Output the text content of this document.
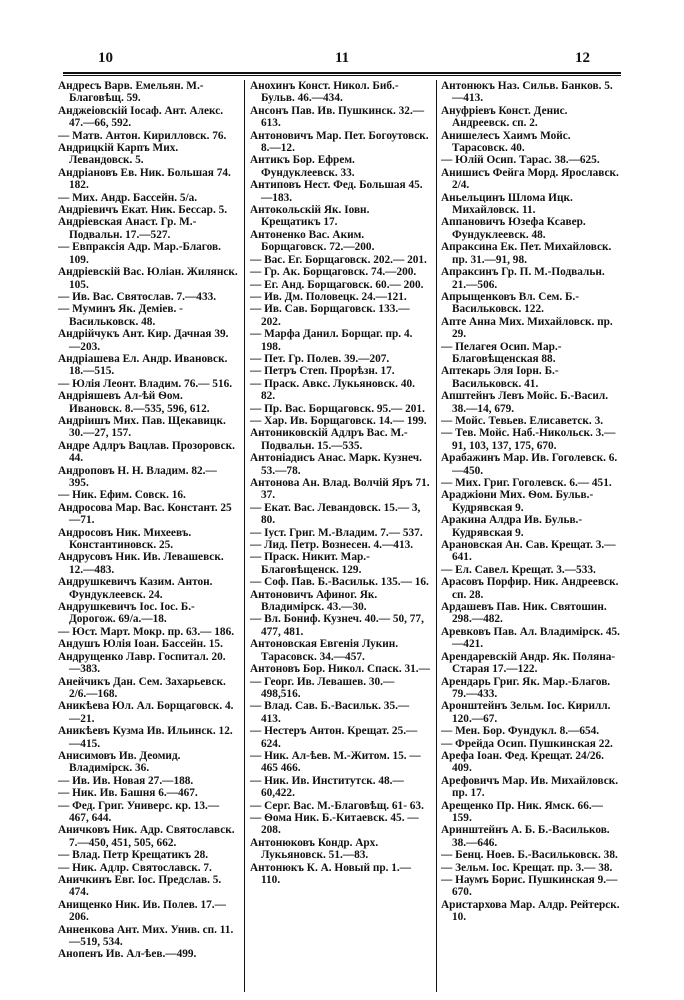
10	11	12

Андресъ Варв. Емельян. М.-Благовѣщ. 59.

Анджеіовскій Іосаф. Ант. Алекс. 47.—66, 592.

— Матв. Антон. Кирилловск. 76.

Андрицкій Карпъ Мих. Левандовск. 5.

Андріановъ Ев. Ник. Большая 74. 182.

— Мих. Андр. Бассейн. 5/а.

Андріевичъ Екат. Ник. Бессар. 5.

Андріевская Анаст. Гр. М.-Подвальн. 17.—527.

— Евпраксія Адр. Мар.-Благов. 109.

Андріевскій Вас. Юліан. Жилянск. 105.

— Ив. Вас. Святослав. 7.—433.

— Муминъ Як. Деміев. - Васильковск. 48.

Андрійчукъ Ант. Кир. Дачная 39. —203.

Андріашева Ел. Андр. Ивановск. 18.—515.

— Юлія Леонт. Владим. 76.— 516.

Андріяшевъ Ал-ѣй Ѳом. Ивановск. 8.—535, 596, 612.

Андріишъ Мих. Пав. Щекавицк. 30.—27, 157.

Андре Адлръ Вацлав. Прозоровск. 44.

Андроповъ Н. Н. Владим. 82.— 395.

— Ник. Ефим. Совск. 16.

Андросова Мар. Вас. Констант. 25—71.

Андросовъ Ник. Михеевъ. Константиновск. 25.

Андрусовъ Ник. Ив. Левашевск. 12.—483.

Андрушкевичъ Казим. Антон. Фундуклеевск. 24.

Андрушкевичъ Іос. Іос. Б.-Дорогож. 69/а.—18.

— Юст. Март. Мокр. пр. 63.— 186.

Андушъ Юлія Іоан. Бассейн. 15.

Андрущенко Лавр. Госпитал. 20. —383.

Анейчикъ Дан. Сем. Захарьевск. 2/6.—168.

Аникѣева Юл. Ал. Борщаговск. 4. —21.

Аникѣевъ Кузма Ив. Ильинск. 12. —415.

Анисимовъ Ив. Деомид. Владимірск. 36.

— Ив. Ив. Новая 27.—188.

— Ник. Ив. Башня 6.—467.

— Фед. Григ. Универс. кр. 13.— 467, 644.

Аничковъ Ник. Адр. Святославск. 7.—450, 451, 505, 662.

— Влад. Петр Крещатикъ 28.

— Ник. Адлр. Святославск. 7.

Аничкинъ Евг. Іос. Предслав. 5. 474.

Анищенко Ник. Ив. Полев. 17.— 206.

Анненкова Ант. Мих. Унив. сп. 11.—519, 534.

Анопенъ Ив. Ал-ѣев.—499.

Анохинъ Конст. Никол. Биб.-Бульв. 46.—434.

Ансонъ Пав. Ив. Пушкинск. 32.— 613.

Антоновичъ Мар. Пет. Богоутовск. 8.—12.

Антикъ Бор. Ефрем. Фундуклеевск. 33.

Антиповъ Нест. Фед. Большая 45. —183.

Антокольскій Як. Іовн. Крещатикъ 17.

Антоненко Вас. Аким. Борщаговск. 72.—200.

— Вас. Ег. Борщаговск. 202.— 201.

— Гр. Ак. Борщаговск. 74.—200.

— Ег. Анд. Борщаговск. 60.— 200.

— Ив. Дм. Половецк. 24.—121.

— Ив. Сав. Борщаговск. 133.— 202.

— Марфа Данил. Борщаг. пр. 4. 198.

— Пет. Гр. Полев. 39.—207.

— Петръ Степ. Прорѣзн. 17.

— Праск. Авкс. Лукьяновск. 40. 82.

— Пр. Вас. Борщаговск. 95.— 201.

— Хар. Ив. Борщаговск. 14.— 199.

Антониковскій Адлръ Вас. М.-Подвальн. 15.—535.

Антоніадисъ Анас. Марк. Кузнеч. 53.—78.

Антонова Ан. Влад. Волчій Яръ 71. 37.

— Екат. Вас. Левандовск. 15.— 3, 80.

— Іуст. Григ. М.-Владим. 7.— 537.

— Лид. Петр. Вознесен. 4.—413.

— Праск. Никит. Мар.-Благовѣщенск. 129.

— Соф. Пав. Б.-Васильк. 135.— 16.

Антоновичъ Афиног. Як. Владимірск. 43.—30.

— Вл. Бониф. Кузнеч. 40.— 50, 77, 477, 481.

Антоновская Евгенія Лукин. Тарасовск. 34.—457.

Антоновъ Бор. Никол. Спаск. 31.—

— Георг. Ив. Левашев. 30.— 498,516.

— Влад. Сав. Б.-Васильк. 35.— 413.

— Нестеръ Антон. Крещат. 25.— 624.

— Ник. Ал-ѣев. М.-Житом. 15. —465 466.

— Ник. Ив. Институтск. 48.— 60,422.

— Серг. Вас. М.-Благовѣщ. 61- 63.

— Ѳома Ник. Б.-Китаевск. 45. —208.

Антонюковъ Кондр. Арх. Лукьяновск. 51.—83.

Антонюкъ К. А. Новый пр. 1.— 110.

Антонюкъ Наз. Сильв. Банков. 5.—413.

Ануфріевъ Конст. Денис. Андреевск. сп. 2.

Анишелесъ Хаимъ Мойс. Тарасовск. 40.

— Юлій Осип. Тарас. 38.—625.

Анишисъ Фейга Морд. Ярославск. 2/4.

Аньельцинъ Шлома Ицк. Михайловск. 11.

Аппановичъ Юзефа Ксавер. Фундуклеевск. 48.

Апраксина Ек. Пет. Михайловск. пр. 31.—91, 98.

Апраксинъ Гр. П. М.-Подвальн. 21.—506.

Апрыщенковъ Вл. Сем. Б.-Васильковск. 122.

Апте Анна Мих. Михайловск. пр. 29.

— Пелагея Осип. Мар.-Благовѣщенская 88.

Аптекарь Эля Іорн. Б.-Васильковск. 41.

Апштейнъ Левъ Мойс. Б.-Васил. 38.—14, 679.

— Мойс. Тевьев. Елисаветск. 3.

— Тев. Мойс. Наб.-Никольск. 3.—91, 103, 137, 175, 670.

Арабажинъ Мар. Ив. Гоголевск. 6.—450.

— Мих. Григ. Гоголевск. 6.— 451.

Араджіони Мих. Ѳом. Бульв.-Кудрявская 9.

Аракина Алдра Ив. Бульв.-Кудрявская 9.

Арановская Ан. Сав. Крещат. 3.—641.

— Ел. Савел. Крещат. 3.—533.

Арасовъ Порфир. Ник. Андреевск. сп. 28.

Ардашевъ Пав. Ник. Святошин. 298.—482.

Аревковъ Пав. Ал. Владимірск. 45.—421.

Арендаревскій Андр. Як. Поляна-Старая 17.—122.

Арендарь Григ. Як. Мар.-Благов. 79.—433.

Аронштейнъ Зельм. Іос. Кирилл. 120.—67.

— Мен. Бор. Фундукл. 8.—654.

— Фрейда Осип. Пушкинская 22.

Арефа Іоан. Фед. Крещат. 24/26. 409.

Арефовичъ Мар. Ив. Михайловск. пр. 17.

Арещенко Пр. Ник. Ямск. 66.— 159.

Аринштейнъ А. Б. Б.-Васильков. 38.—646.

— Бенц. Ноев. Б.-Васильковск. 38.

— Зельм. Іос. Крещат. пр. 3.— 38.

— Наумъ Борис. Пушкинская 9.—670.

Аристархова Мар. Алдр. Рейтерск. 10.
